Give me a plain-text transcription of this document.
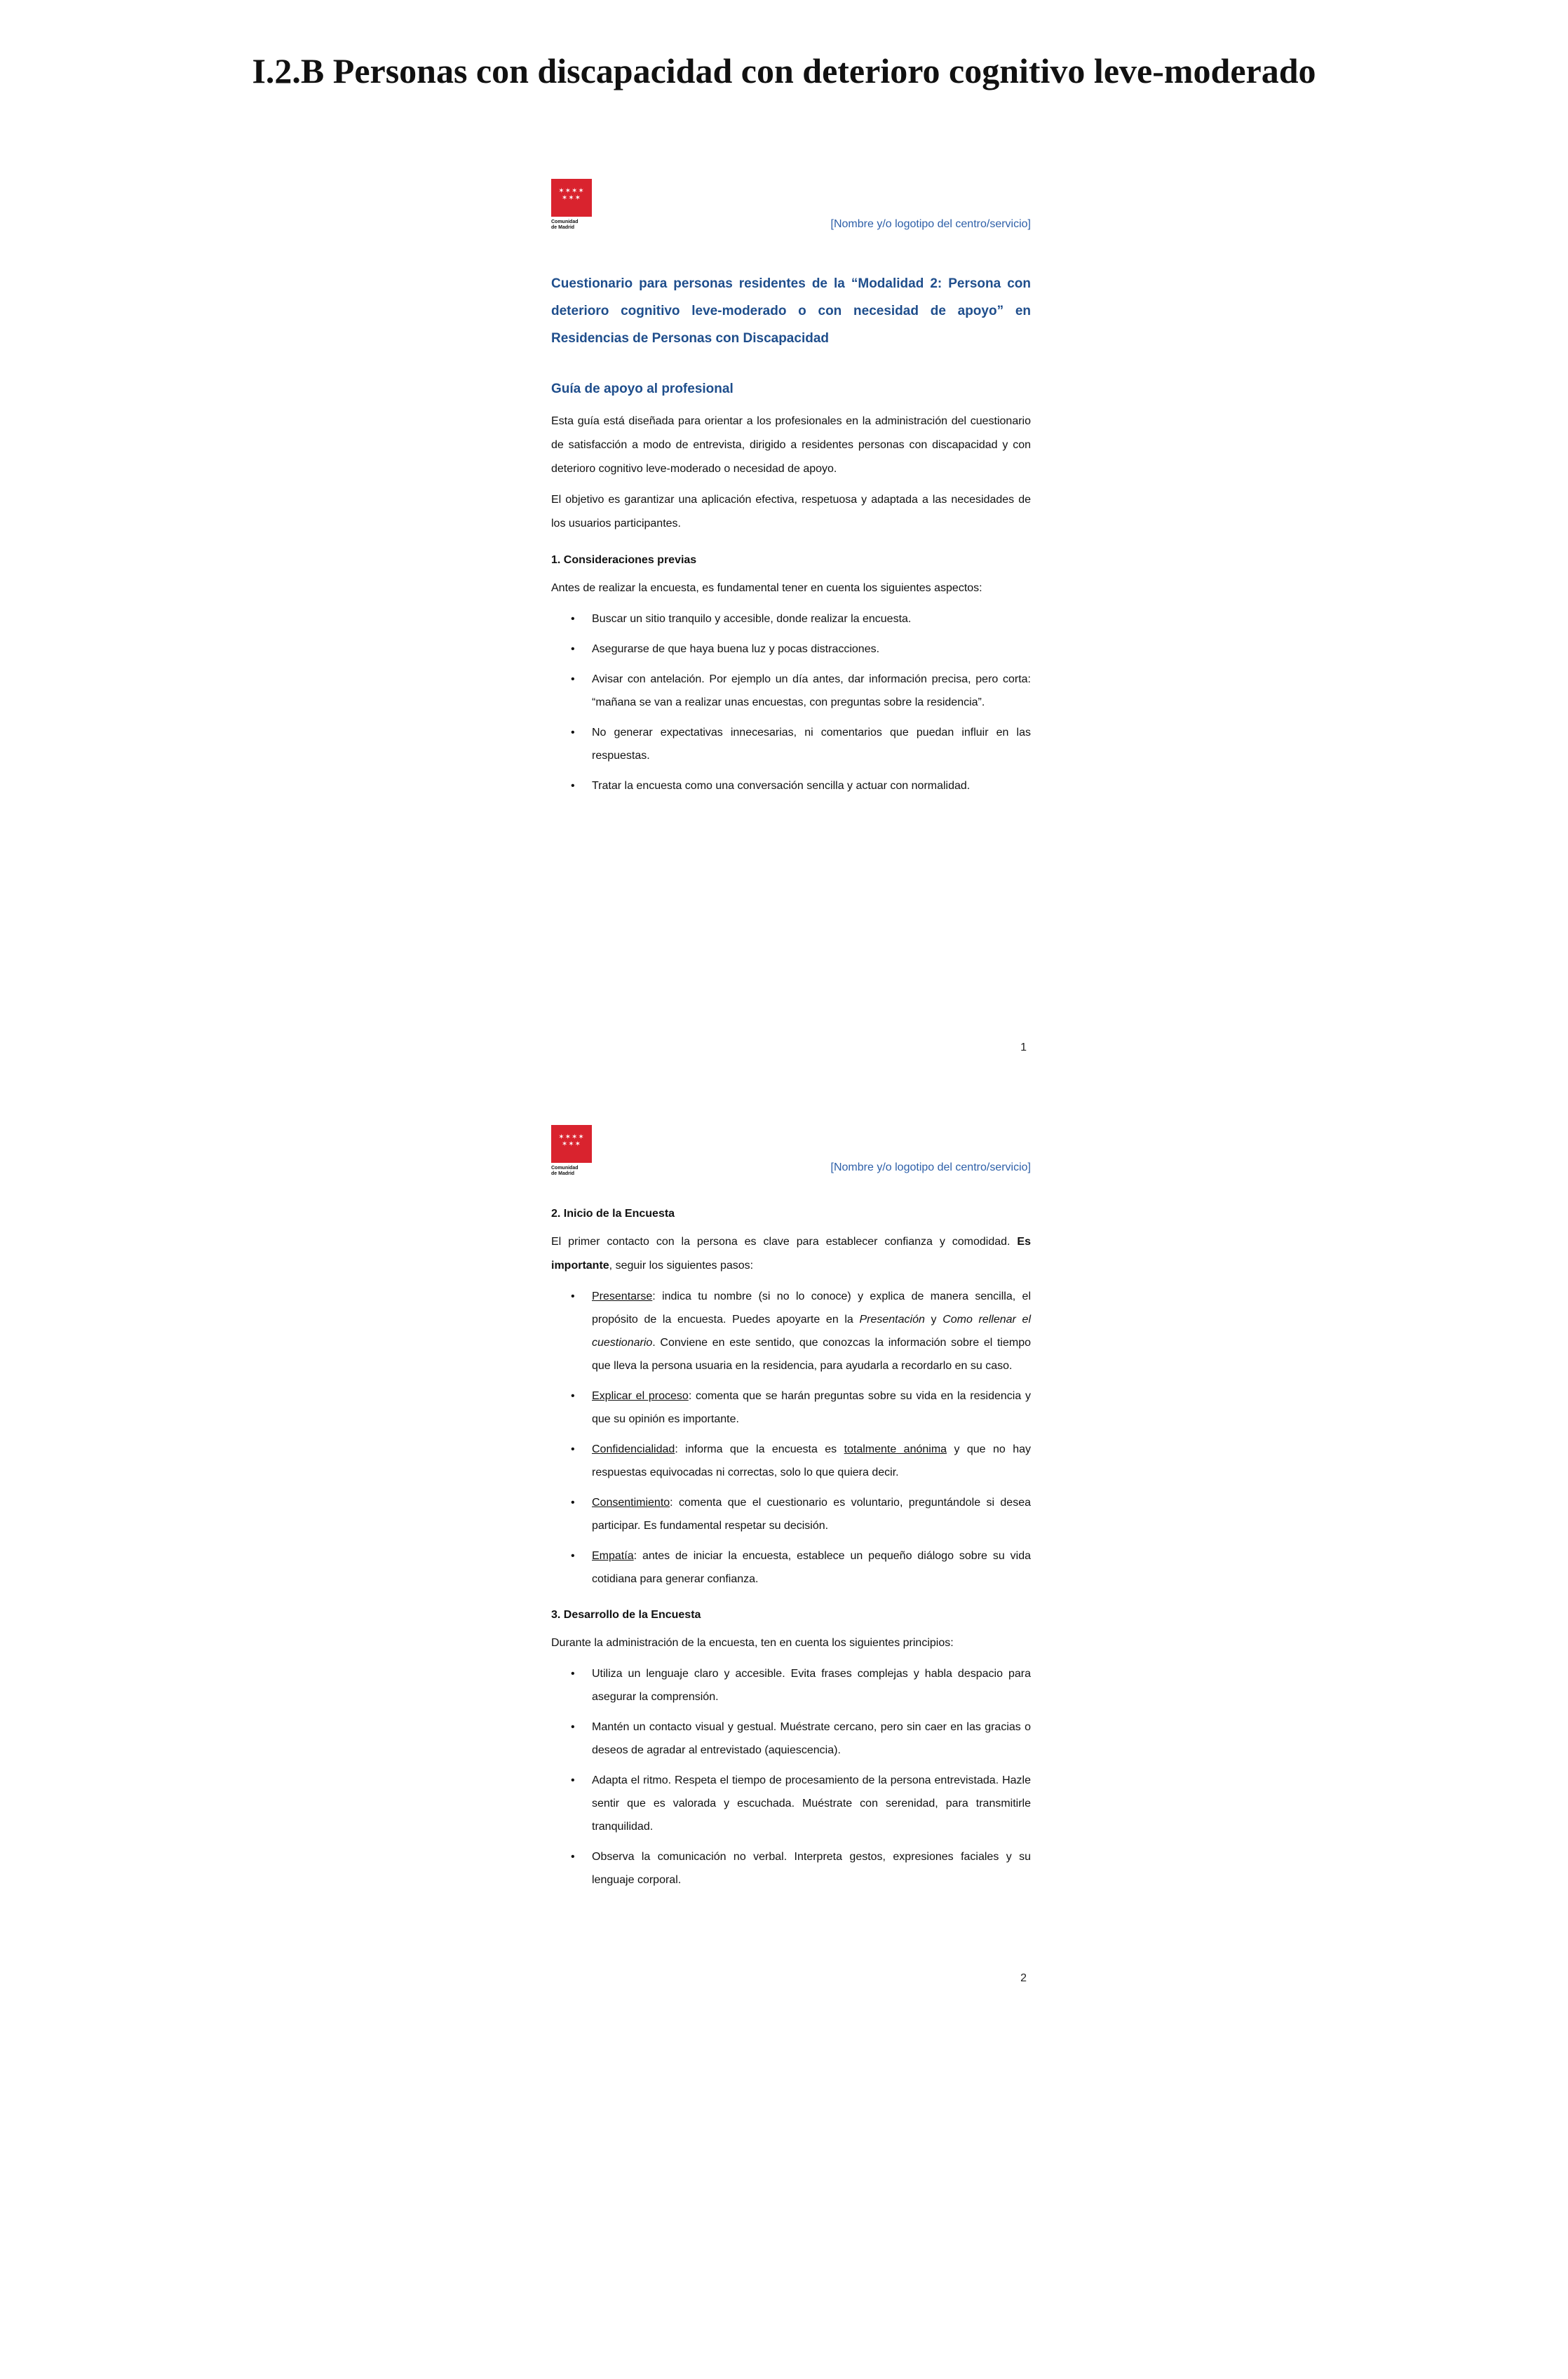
I.2.B Personas con discapacidad con deterioro cognitivo leve-moderado
✶✶✶✶
✶✶✶
Comunidad
de Madrid	[Nombre y/o logotipo del centro/servicio]

Cuestionario para personas residentes de la “Modalidad 2: Persona con deterioro cognitivo leve-moderado o con necesidad de apoyo” en Residencias de Personas con Discapacidad

Guía de apoyo al profesional

Esta guía está diseñada para orientar a los profesionales en la administración del cuestionario de satisfacción a modo de entrevista, dirigido a residentes personas con discapacidad y con deterioro cognitivo leve-moderado o necesidad de apoyo.

El objetivo es garantizar una aplicación efectiva, respetuosa y adaptada a las necesidades de los usuarios participantes.

1. Consideraciones previas

Antes de realizar la encuesta, es fundamental tener en cuenta los siguientes aspectos:

• Buscar un sitio tranquilo y accesible, donde realizar la encuesta.
• Asegurarse de que haya buena luz y pocas distracciones.
• Avisar con antelación. Por ejemplo un día antes, dar información precisa, pero corta: “mañana se van a realizar unas encuestas, con preguntas sobre la residencia”.
• No generar expectativas innecesarias, ni comentarios que puedan influir en las respuestas.
• Tratar la encuesta como una conversación sencilla y actuar con normalidad.
1
✶✶✶✶
✶✶✶
Comunidad
de Madrid
[Nombre y/o logotipo del centro/servicio]

2. Inicio de la Encuesta

El primer contacto con la persona es clave para establecer confianza y comodidad. Es importante, seguir los siguientes pasos:

• Presentarse: indica tu nombre (si no lo conoce) y explica de manera sencilla, el propósito de la encuesta. Puedes apoyarte en la Presentación y Como rellenar el cuestionario. Conviene en este sentido, que conozcas la información sobre el tiempo que lleva la persona usuaria en la residencia, para ayudarla a recordarlo en su caso.
• Explicar el proceso: comenta que se harán preguntas sobre su vida en la residencia y que su opinión es importante.
• Confidencialidad: informa que la encuesta es totalmente anónima y que no hay respuestas equivocadas ni correctas, solo lo que quiera decir.
• Consentimiento: comenta que el cuestionario es voluntario, preguntándole si desea participar. Es fundamental respetar su decisión.
• Empatía: antes de iniciar la encuesta, establece un pequeño diálogo sobre su vida cotidiana para generar confianza.

3. Desarrollo de la Encuesta

Durante la administración de la encuesta, ten en cuenta los siguientes principios:

• Utiliza un lenguaje claro y accesible. Evita frases complejas y habla despacio para asegurar la comprensión.
• Mantén un contacto visual y gestual. Muéstrate cercano, pero sin caer en las gracias o deseos de agradar al entrevistado (aquiescencia).
• Adapta el ritmo. Respeta el tiempo de procesamiento de la persona entrevistada. Hazle sentir que es valorada y escuchada. Muéstrate con serenidad, para transmitirle tranquilidad.
• Observa la comunicación no verbal. Interpreta gestos, expresiones faciales y su lenguaje corporal.
2
